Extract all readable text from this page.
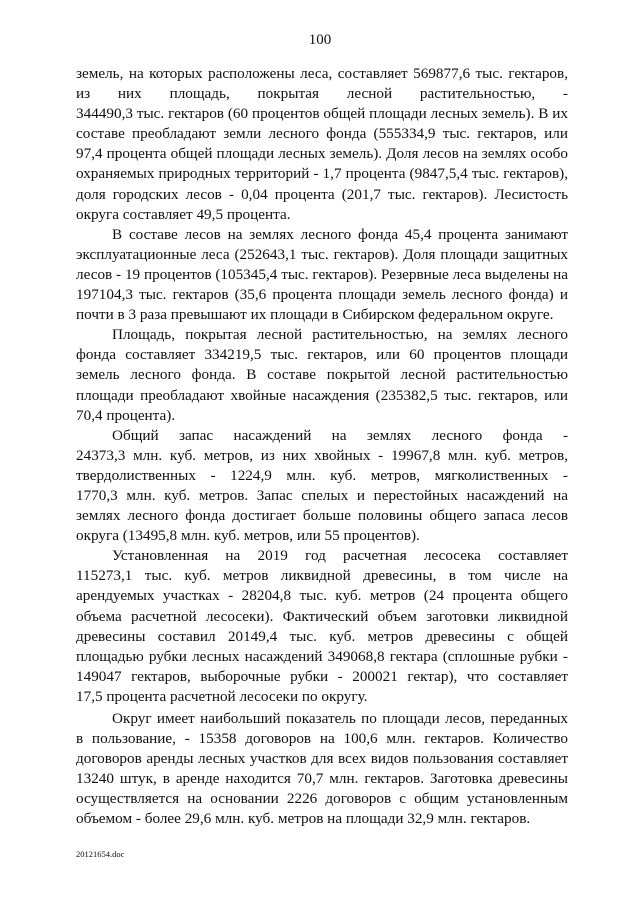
100
земель, на которых расположены леса, составляет 569877,6 тыс. гектаров,
из них площадь, покрытая лесной растительностью, -
344490,3 тыс. гектаров (60 процентов общей площади лесных земель). В их
составе преобладают земли лесного фонда (555334,9 тыс. гектаров, или
97,4 процента общей площади лесных земель). Доля лесов на землях особо
охраняемых природных территорий - 1,7 процента (9847,5,4 тыс. гектаров),
доля городских лесов - 0,04 процента (201,7 тыс. гектаров). Лесистость
округа составляет 49,5 процента.
В составе лесов на землях лесного фонда 45,4 процента занимают
эксплуатационные леса (252643,1 тыс. гектаров). Доля площади защитных
лесов - 19 процентов (105345,4 тыс. гектаров). Резервные леса выделены на
197104,3 тыс. гектаров (35,6 процента площади земель лесного фонда) и
почти в 3 раза превышают их площади в Сибирском федеральном округе.
Площадь, покрытая лесной растительностью, на землях лесного
фонда составляет 334219,5 тыс. гектаров, или 60 процентов площади
земель лесного фонда. В составе покрытой лесной растительностью
площади преобладают хвойные насаждения (235382,5 тыс. гектаров, или
70,4 процента).
Общий запас насаждений на землях лесного фонда -
24373,3 млн. куб. метров, из них хвойных - 19967,8 млн. куб. метров,
твердолиственных - 1224,9 млн. куб. метров, мягколиственных -
1770,3 млн. куб. метров. Запас спелых и перестойных насаждений на
землях лесного фонда достигает больше половины общего запаса лесов
округа (13495,8 млн. куб. метров, или 55 процентов).
Установленная на 2019 год расчетная лесосека составляет
115273,1 тыс. куб. метров ликвидной древесины, в том числе на
арендуемых участках - 28204,8 тыс. куб. метров (24 процента общего
объема расчетной лесосеки). Фактический объем заготовки ликвидной
древесины составил 20149,4 тыс. куб. метров древесины с общей
площадью рубки лесных насаждений 349068,8 гектара (сплошные рубки -
149047 гектаров, выборочные рубки - 200021 гектар), что составляет
17,5 процента расчетной лесосеки по округу.
Округ имеет наибольший показатель по площади лесов, переданных
в пользование, - 15358 договоров на 100,6 млн. гектаров. Количество
договоров аренды лесных участков для всех видов пользования составляет
13240 штук, в аренде находится 70,7 млн. гектаров. Заготовка древесины
осуществляется на основании 2226 договоров с общим установленным
объемом - более 29,6 млн. куб. метров на площади 32,9 млн. гектаров.
20121654.doc
